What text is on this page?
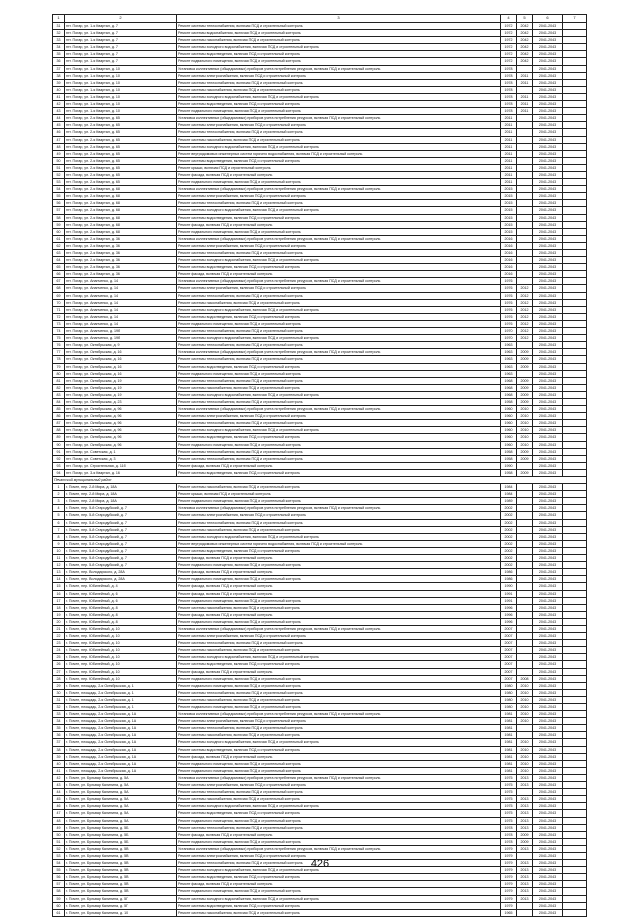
1	2	3	4	5	6	7
31	пгт. Погар, ул. 1-я Квартал, д. 7	Ремонт системы теплоснабжения, включая ПСД и строительный контроль	1972	2042	2041-2043	
32	пгт. Погар, ул. 1-я Квартал, д. 7	Ремонт системы водоснабжения, включая ПСД и строительный контроль	1972	2042	2041-2043	
33	пгт. Погар, ул. 1-я Квартал, д. 7	Ремонт системы газоснабжения, включая ПСД и строительный контроль	1972	2042	2041-2043	
34	пгт. Погар, ул. 1-я Квартал, д. 7	Ремонт системы холодного водоснабжения, включая ПСД и строительный контроль	1972	2042	2041-2043	
35	пгт. Погар, ул. 1-я Квартал, д. 7	Ремонт системы водоотведения, включая ПСД и строительный контроль	1972	2042	2041-2043	
36	пгт. Погар, ул. 1-я Квартал, д. 7	Ремонт подвального помещения, включая ПСД и строительный контроль	1972	2042	2041-2043	
37	пгт. Погар, ул. 1-я Квартал, д. 10	Установка коллективных (общедомовых) приборов учета потребления ресурсов, включая ПСД и строительный контроль	1978		2041-2043	
38	пгт. Погар, ул. 1-я Квартал, д. 10	Ремонт системы электроснабжения, включая ПСД и строительный контроль	1978	2011	2041-2043	
39	пгт. Погар, ул. 1-я Квартал, д. 10	Ремонт системы теплоснабжения, включая ПСД и строительный контроль	1978	2011	2041-2043	
40	пгт. Погар, ул. 1-я Квартал, д. 10	Ремонт системы газоснабжения, включая ПСД и строительный контроль	1978		2041-2043	
41	пгт. Погар, ул. 1-я Квартал, д. 10	Ремонт системы холодного водоснабжения, включая ПСД и строительный контроль	1978	2011	2041-2043	
42	пгт. Погар, ул. 1-я Квартал, д. 10	Ремонт системы водоотведения, включая ПСД и строительный контроль	1978	2011	2041-2043	
43	пгт. Погар, ул. 1-я Квартал, д. 10	Ремонт подвального помещения, включая ПСД и строительный контроль	1978	2011	2041-2043	
44	пгт. Погар, ул. 2-я Квартал, д. 65	Установка коллективных (общедомовых) приборов учета потребления ресурсов, включая ПСД и строительный контроль	2011		2041-2043	
45	пгт. Погар, ул. 2-я Квартал, д. 65	Ремонт системы электроснабжения, включая ПСД и строительный контроль	2011		2041-2043	
46	пгт. Погар, ул. 2-я Квартал, д. 65	Ремонт системы теплоснабжения, включая ПСД и строительный контроль	2011		2041-2043	
47	пгт. Погар, ул. 2-я Квартал, д. 65	Ремонт системы газоснабжения, включая ПСД и строительный контроль	2011		2041-2043	
48	пгт. Погар, ул. 2-я Квартал, д. 65	Ремонт системы холодного водоснабжения, включая ПСД и строительный контроль	2011		2041-2043	
49	пгт. Погар, ул. 2-я Квартал, д. 65	Ремонт внутридомовых инженерных систем горячего водоснабжения, включая ПСД и строительный контроль	2011		2041-2043	
50	пгт. Погар, ул. 2-я Квартал, д. 65	Ремонт системы водоотведения, включая ПСД и строительный контроль	2011		2041-2043	
51	пгт. Погар, ул. 2-я Квартал, д. 65	Ремонт крыши, включая ПСД и строительный контроль	2011		2041-2043	
52	пгт. Погар, ул. 2-я Квартал, д. 65	Ремонт фасада, включая ПСД и строительный контроль	2011		2041-2043	
53	пгт. Погар, ул. 2-я Квартал, д. 65	Ремонт подвального помещения, включая ПСД и строительный контроль	2011		2041-2043	
54	пгт. Погар, ул. 2-я Квартал, д. 68	Установка коллективных (общедомовых) приборов учета потребления ресурсов, включая ПСД и строительный контроль	2015		2041-2043	
55	пгт. Погар, ул. 2-я Квартал, д. 68	Ремонт системы электроснабжения, включая ПСД и строительный контроль	2015		2041-2043	
56	пгт. Погар, ул. 2-я Квартал, д. 68	Ремонт системы теплоснабжения, включая ПСД и строительный контроль	2015		2041-2043	
57	пгт. Погар, ул. 2-я Квартал, д. 68	Ремонт системы холодного водоснабжения, включая ПСД и строительный контроль	2015		2041-2043	
58	пгт. Погар, ул. 2-я Квартал, д. 68	Ремонт системы водоотведения, включая ПСД и строительный контроль	2015		2041-2043	
59	пгт. Погар, ул. 2-я Квартал, д. 68	Ремонт фасада, включая ПСД и строительный контроль	2015		2041-2043	
60	пгт. Погар, ул. 2-я Квартал, д. 68	Ремонт подвального помещения, включая ПСД и строительный контроль	2015		2041-2043	
61	пгт. Погар, ул. 2-я Квартал, д. 36	Установка коллективных (общедомовых) приборов учета потребления ресурсов, включая ПСД и строительный контроль	2016		2041-2043	
62	пгт. Погар, ул. 2-я Квартал, д. 36	Ремонт системы электроснабжения, включая ПСД и строительный контроль	2016		2041-2043	
63	пгт. Погар, ул. 2-я Квартал, д. 36	Ремонт системы теплоснабжения, включая ПСД и строительный контроль	2016		2041-2043	
64	пгт. Погар, ул. 2-я Квартал, д. 36	Ремонт системы холодного водоснабжения, включая ПСД и строительный контроль	2016		2041-2043	
65	пгт. Погар, ул. 2-я Квартал, д. 36	Ремонт системы водоотведения, включая ПСД и строительный контроль	2016		2041-2043	
66	пгт. Погар, ул. 2-я Квартал, д. 36	Ремонт фасада, включая ПСД и строительный контроль	2016		2041-2043	
67	пгт. Погар, ул. Ананченко, д. 14	Установка коллективных (общедомовых) приборов учета потребления ресурсов, включая ПСД и строительный контроль	1976		2041-2043	
68	пгт. Погар, ул. Ананченко, д. 14	Ремонт системы электроснабжения, включая ПСД и строительный контроль	1976	2012	2041-2043	
69	пгт. Погар, ул. Ананченко, д. 14	Ремонт системы теплоснабжения, включая ПСД и строительный контроль	1976	2012	2041-2043	
70	пгт. Погар, ул. Ананченко, д. 14	Ремонт системы газоснабжения, включая ПСД и строительный контроль	1976	2012	2041-2043	
71	пгт. Погар, ул. Ананченко, д. 14	Ремонт системы холодного водоснабжения, включая ПСД и строительный контроль	1976	2012	2041-2043	
72	пгт. Погар, ул. Ананченко, д. 14	Ремонт системы водоотведения, включая ПСД и строительный контроль	1976	2012	2041-2043	
73	пгт. Погар, ул. Ананченко, д. 14	Ремонт подвального помещения, включая ПСД и строительный контроль	1976	2012	2041-2043	
74	пгт. Погар, ул. Ананченко, д. 19б	Ремонт системы теплоснабжения, включая ПСД и строительный контроль	1970	2012	2041-2043	
75	пгт. Погар, ул. Ананченко, д. 19б	Ремонт системы холодного водоснабжения, включая ПСД и строительный контроль	1970	2012	2041-2043	
76	пгт. Погар, ул. Октябрьская, д. 9	Ремонт системы теплоснабжения, включая ПСД и строительный контроль	1963		2041-2043	
77	пгт. Погар, ул. Октябрьская, д. 16	Установка коллективных (общедомовых) приборов учета потребления ресурсов, включая ПСД и строительный контроль	1963	2009	2041-2043	
78	пгт. Погар, ул. Октябрьская, д. 16	Ремонт системы теплоснабжения, включая ПСД и строительный контроль	1963	2009	2041-2043	
79	пгт. Погар, ул. Октябрьская, д. 16	Ремонт системы водоотведения, включая ПСД и строительный контроль	1963	2009	2041-2043	
80	пгт. Погар, ул. Октябрьская, д. 16	Ремонт подвального помещения, включая ПСД и строительный контроль	1963		2041-2043	
81	пгт. Погар, ул. Октябрьская, д. 19	Ремонт системы теплоснабжения, включая ПСД и строительный контроль	1968	2009	2041-2043	
82	пгт. Погар, ул. Октябрьская, д. 19	Ремонт системы газоснабжения, включая ПСД и строительный контроль	1968	2009	2041-2043	
83	пгт. Погар, ул. Октябрьская, д. 19	Ремонт системы холодного водоснабжения, включая ПСД и строительный контроль	1968	2009	2041-2043	
84	пгт. Погар, ул. Октябрьская, д. 23	Ремонт системы теплоснабжения, включая ПСД и строительный контроль	1958	2009	2041-2043	
85	пгт. Погар, ул. Октябрьская, д. 96	Установка коллективных (общедомовых) приборов учета потребления ресурсов, включая ПСД и строительный контроль	1960	2010	2041-2043	
86	пгт. Погар, ул. Октябрьская, д. 96	Ремонт системы электроснабжения, включая ПСД и строительный контроль	1960	2010	2041-2043	
87	пгт. Погар, ул. Октябрьская, д. 96	Ремонт системы теплоснабжения, включая ПСД и строительный контроль	1960	2010	2041-2043	
88	пгт. Погар, ул. Октябрьская, д. 96	Ремонт системы холодного водоснабжения, включая ПСД и строительный контроль	1960	2010	2041-2043	
89	пгт. Погар, ул. Октябрьская, д. 96	Ремонт системы водоотведения, включая ПСД и строительный контроль	1960	2010	2041-2043	
90	пгт. Погар, ул. Октябрьская, д. 96	Ремонт подвального помещения, включая ПСД и строительный контроль	1960	2010	2041-2043	
91	пгт. Погар, ул. Советская, д. 1	Ремонт системы теплоснабжения, включая ПСД и строительный контроль	1958	2009	2041-2043	
92	пгт. Погар, ул. Советская, д. 3	Ремонт системы теплоснабжения, включая ПСД и строительный контроль	1958	2009	2041-2043	
93	пгт. Погар, ул. Строительная, д. 11б	Ремонт фасада, включая ПСД и строительный контроль	1990		2041-2043	
94	пгт. Погар, ул. 3-я Квартал, д. 16	Ремонт системы водоотведения, включая ПСД и строительный контроль	1958	2009	2041-2043	
Печатский муниципальный район						
1	г. Почеп, пер. 2-й Мира, д. 18А	Ремонт системы газоснабжения, включая ПСД и строительный контроль	1984		2041-2043	
2	г. Почеп, пер. 2-й Мира, д. 18А	Ремонт крыши, включая ПСД и строительный контроль	1984		2041-2043	
3	г. Почеп, пер. 2-й Мира, д. 18А	Ремонт подвального помещения, включая ПСД и строительный контроль	1989		2041-2043	
4	г. Почеп, пер. 5-й Стародубский, д. 7	Установка коллективных (общедомовых) приборов учета потребления ресурсов, включая ПСД и строительный контроль	2002		2041-2043	
5	г. Почеп, пер. 5-й Стародубский, д. 7	Ремонт системы электроснабжения, включая ПСД и строительный контроль	2002		2041-2043	
6	г. Почеп, пер. 5-й Стародубский, д. 7	Ремонт системы теплоснабжения, включая ПСД и строительный контроль	2002		2041-2043	
7	г. Почеп, пер. 5-й Стародубский, д. 7	Ремонт системы газоснабжения, включая ПСД и строительный контроль	2002		2041-2043	
8	г. Почеп, пер. 5-й Стародубский, д. 7	Ремонт системы холодного водоснабжения, включая ПСД и строительный контроль	2002		2041-2043	
9	г. Почеп, пер. 5-й Стародубский, д. 7	Ремонт внутридомовых инженерных систем горячего водоснабжения, включая ПСД и строительный контроль	2002		2041-2043	
10	г. Почеп, пер. 5-й Стародубский, д. 7	Ремонт системы водоотведения, включая ПСД и строительный контроль	2002		2041-2043	
11	г. Почеп, пер. 5-й Стародубский, д. 7	Ремонт фасада, включая ПСД и строительный контроль	2002		2041-2043	
12	г. Почеп, пер. 5-й Стародубский, д. 7	Ремонт подвального помещения, включая ПСД и строительный контроль	2002		2041-2043	
13	г. Почеп, пер. Володарского, д. 28А	Ремонт фасада, включая ПСД и строительный контроль	1986		2041-2043	
14	г. Почеп, пер. Володарского, д. 28А	Ремонт подвального помещения, включая ПСД и строительный контроль	1986		2041-2043	
15	г. Почеп, пер. Юбилейный, д. 4	Ремонт фасада, включая ПСД и строительный контроль	1990		2041-2043	
16	г. Почеп, пер. Юбилейный, д. 6	Ремонт фасада, включая ПСД и строительный контроль	1991		2041-2043	
17	г. Почеп, пер. Юбилейный, д. 6	Ремонт подвального помещения, включая ПСД и строительный контроль	1991		2041-2043	
18	г. Почеп, пер. Юбилейный, д. 8	Ремонт системы газоснабжения, включая ПСД и строительный контроль	1996		2041-2043	
19	г. Почеп, пер. Юбилейный, д. 8	Ремонт фасада, включая ПСД и строительный контроль	1996		2041-2043	
20	г. Почеп, пер. Юбилейный, д. 8	Ремонт подвального помещения, включая ПСД и строительный контроль	1996		2041-2043	
21	г. Почеп, пер. Юбилейный, д. 10	Установка коллективных (общедомовых) приборов учета потребления ресурсов, включая ПСД и строительный контроль	2007		2041-2043	
22	г. Почеп, пер. Юбилейный, д. 10	Ремонт системы электроснабжения, включая ПСД и строительный контроль	2007		2041-2043	
23	г. Почеп, пер. Юбилейный, д. 10	Ремонт системы теплоснабжения, включая ПСД и строительный контроль	2007		2041-2043	
24	г. Почеп, пер. Юбилейный, д. 10	Ремонт системы газоснабжения, включая ПСД и строительный контроль	2007		2041-2043	
25	г. Почеп, пер. Юбилейный, д. 10	Ремонт системы холодного водоснабжения, включая ПСД и строительный контроль	2007		2041-2043	
26	г. Почеп, пер. Юбилейный, д. 10	Ремонт системы водоотведения, включая ПСД и строительный контроль	2007		2041-2043	
27	г. Почеп, пер. Юбилейный, д. 10	Ремонт фасада, включая ПСД и строительный контроль	2007		2041-2043	
28	г. Почеп, пер. Юбилейный, д. 10	Ремонт подвального помещения, включая ПСД и строительный контроль	2007	2008	2041-2043	
29	г. Почеп, площадь, 2-я Октябрьская, д. 1	Ремонт подвального помещения, включая ПСД и строительный контроль	1980	2010	2041-2043	
30	г. Почеп, площадь, 2-я Октябрьская, д. 1	Ремонт системы теплоснабжения, включая ПСД и строительный контроль	1980	2010	2041-2043	
31	г. Почеп, площадь, 2-я Октябрьская, д. 1	Ремонт системы газоснабжения, включая ПСД и строительный контроль	1980	2010	2041-2043	
32	г. Почеп, площадь, 2-я Октябрьская, д. 1	Ремонт подвального помещения, включая ПСД и строительный контроль	1980	2010	2041-2043	
33	г. Почеп, площадь, 2-я Октябрьская, д. 1А	Установка коллективных (общедомовых) приборов учета потребления ресурсов, включая ПСД и строительный контроль	1981	2010	2041-2043	
34	г. Почеп, площадь, 2-я Октябрьская, д. 1А	Ремонт системы электроснабжения, включая ПСД и строительный контроль	1981	2010	2041-2043	
35	г. Почеп, площадь, 2-я Октябрьская, д. 1А	Ремонт системы теплоснабжения, включая ПСД и строительный контроль	1981		2041-2043	
36	г. Почеп, площадь, 2-я Октябрьская, д. 1А	Ремонт системы газоснабжения, включая ПСД и строительный контроль	1981		2041-2043	
37	г. Почеп, площадь, 2-я Октябрьская, д. 1А	Ремонт системы холодного водоснабжения, включая ПСД и строительный контроль	1981	2010	2041-2043	
38	г. Почеп, площадь, 2-я Октябрьская, д. 1А	Ремонт системы водоотведения, включая ПСД и строительный контроль	1981	2010	2041-2043	
39	г. Почеп, площадь, 2-я Октябрьская, д. 1А	Ремонт фасада, включая ПСД и строительный контроль	1981	2010	2041-2043	
40	г. Почеп, площадь, 2-я Октябрьская, д. 1А	Ремонт подвального помещения, включая ПСД и строительный контроль	1981	2010	2041-2043	
41	г. Почеп, площадь, 2-я Октябрьская, д. 1А	Ремонт подвального помещения, включая ПСД и строительный контроль	1981	2010	2041-2043	
42	г. Почеп, ул. Бульвар Калинина, д. 5А	Установка коллективных (общедомовых) приборов учета потребления ресурсов, включая ПСД и строительный контроль	1975	2013	2041-2043	
43	г. Почеп, ул. Бульвар Калинина, д. 5А	Ремонт системы электроснабжения, включая ПСД и строительный контроль	1975	2013	2041-2043	
44	г. Почеп, ул. Бульвар Калинина, д. 5А	Ремонт системы теплоснабжения, включая ПСД и строительный контроль	1975		2041-2043	
45	г. Почеп, ул. Бульвар Калинина, д. 5А	Ремонт системы газоснабжения, включая ПСД и строительный контроль	1975	2013	2041-2043	
46	г. Почеп, ул. Бульвар Калинина, д. 5А	Ремонт системы холодного водоснабжения, включая ПСД и строительный контроль	1975	2013	2041-2043	
47	г. Почеп, ул. Бульвар Калинина, д. 5А	Ремонт системы водоотведения, включая ПСД и строительный контроль	1975	2013	2041-2043	
48	г. Почеп, ул. Бульвар Калинина, д. 5А	Ремонт подвального помещения, включая ПСД и строительный контроль	1975	2013	2041-2043	
49	г. Почеп, ул. Бульвар Калинина, д. 5Б	Ремонт системы теплоснабжения, включая ПСД и строительный контроль	1978	2013	2041-2043	
50	г. Почеп, ул. Бульвар Калинина, д. 5Б	Ремонт фасада, включая ПСД и строительный контроль	1978	2009	2041-2043	
51	г. Почеп, ул. Бульвар Калинина, д. 5Б	Ремонт подвального помещения, включая ПСД и строительный контроль	1978	2009	2041-2043	
52	г. Почеп, ул. Бульвар Калинина, д. 5В	Установка коллективных (общедомовых) приборов учета потребления ресурсов, включая ПСД и строительный контроль	1979	2013	2041-2043	
53	г. Почеп, ул. Бульвар Калинина, д. 5В	Ремонт системы электроснабжения, включая ПСД и строительный контроль	1979		2041-2043	
54	г. Почеп, ул. Бульвар Калинина, д. 5В	Ремонт системы теплоснабжения, включая ПСД и строительный контроль	1979	2013	2041-2043	
55	г. Почеп, ул. Бульвар Калинина, д. 5В	Ремонт системы холодного водоснабжения, включая ПСД и строительный контроль	1979	2013	2041-2043	
56	г. Почеп, ул. Бульвар Калинина, д. 5В	Ремонт системы водоотведения, включая ПСД и строительный контроль	1979	2013	2041-2043	
57	г. Почеп, ул. Бульвар Калинина, д. 5В	Ремонт фасада, включая ПСД и строительный контроль	1979	2013	2041-2043	
58	г. Почеп, ул. Бульвар Калинина, д. 5В	Ремонт подвального помещения, включая ПСД и строительный контроль	1979	2013	2041-2043	
59	г. Почеп, ул. Бульвар Калинина, д. 5Г	Ремонт системы холодного водоснабжения, включая ПСД и строительный контроль	1979	2013	2041-2043	
60	г. Почеп, ул. Бульвар Калинина, д. 5Г	Ремонт системы водоотведения, включая ПСД и строительный контроль	1979		2041-2043	
61	г. Почеп, ул. Бульвар Калинина, д. 10	Ремонт системы газоснабжения, включая ПСД и строительный контроль	1965		2041-2043	
426
